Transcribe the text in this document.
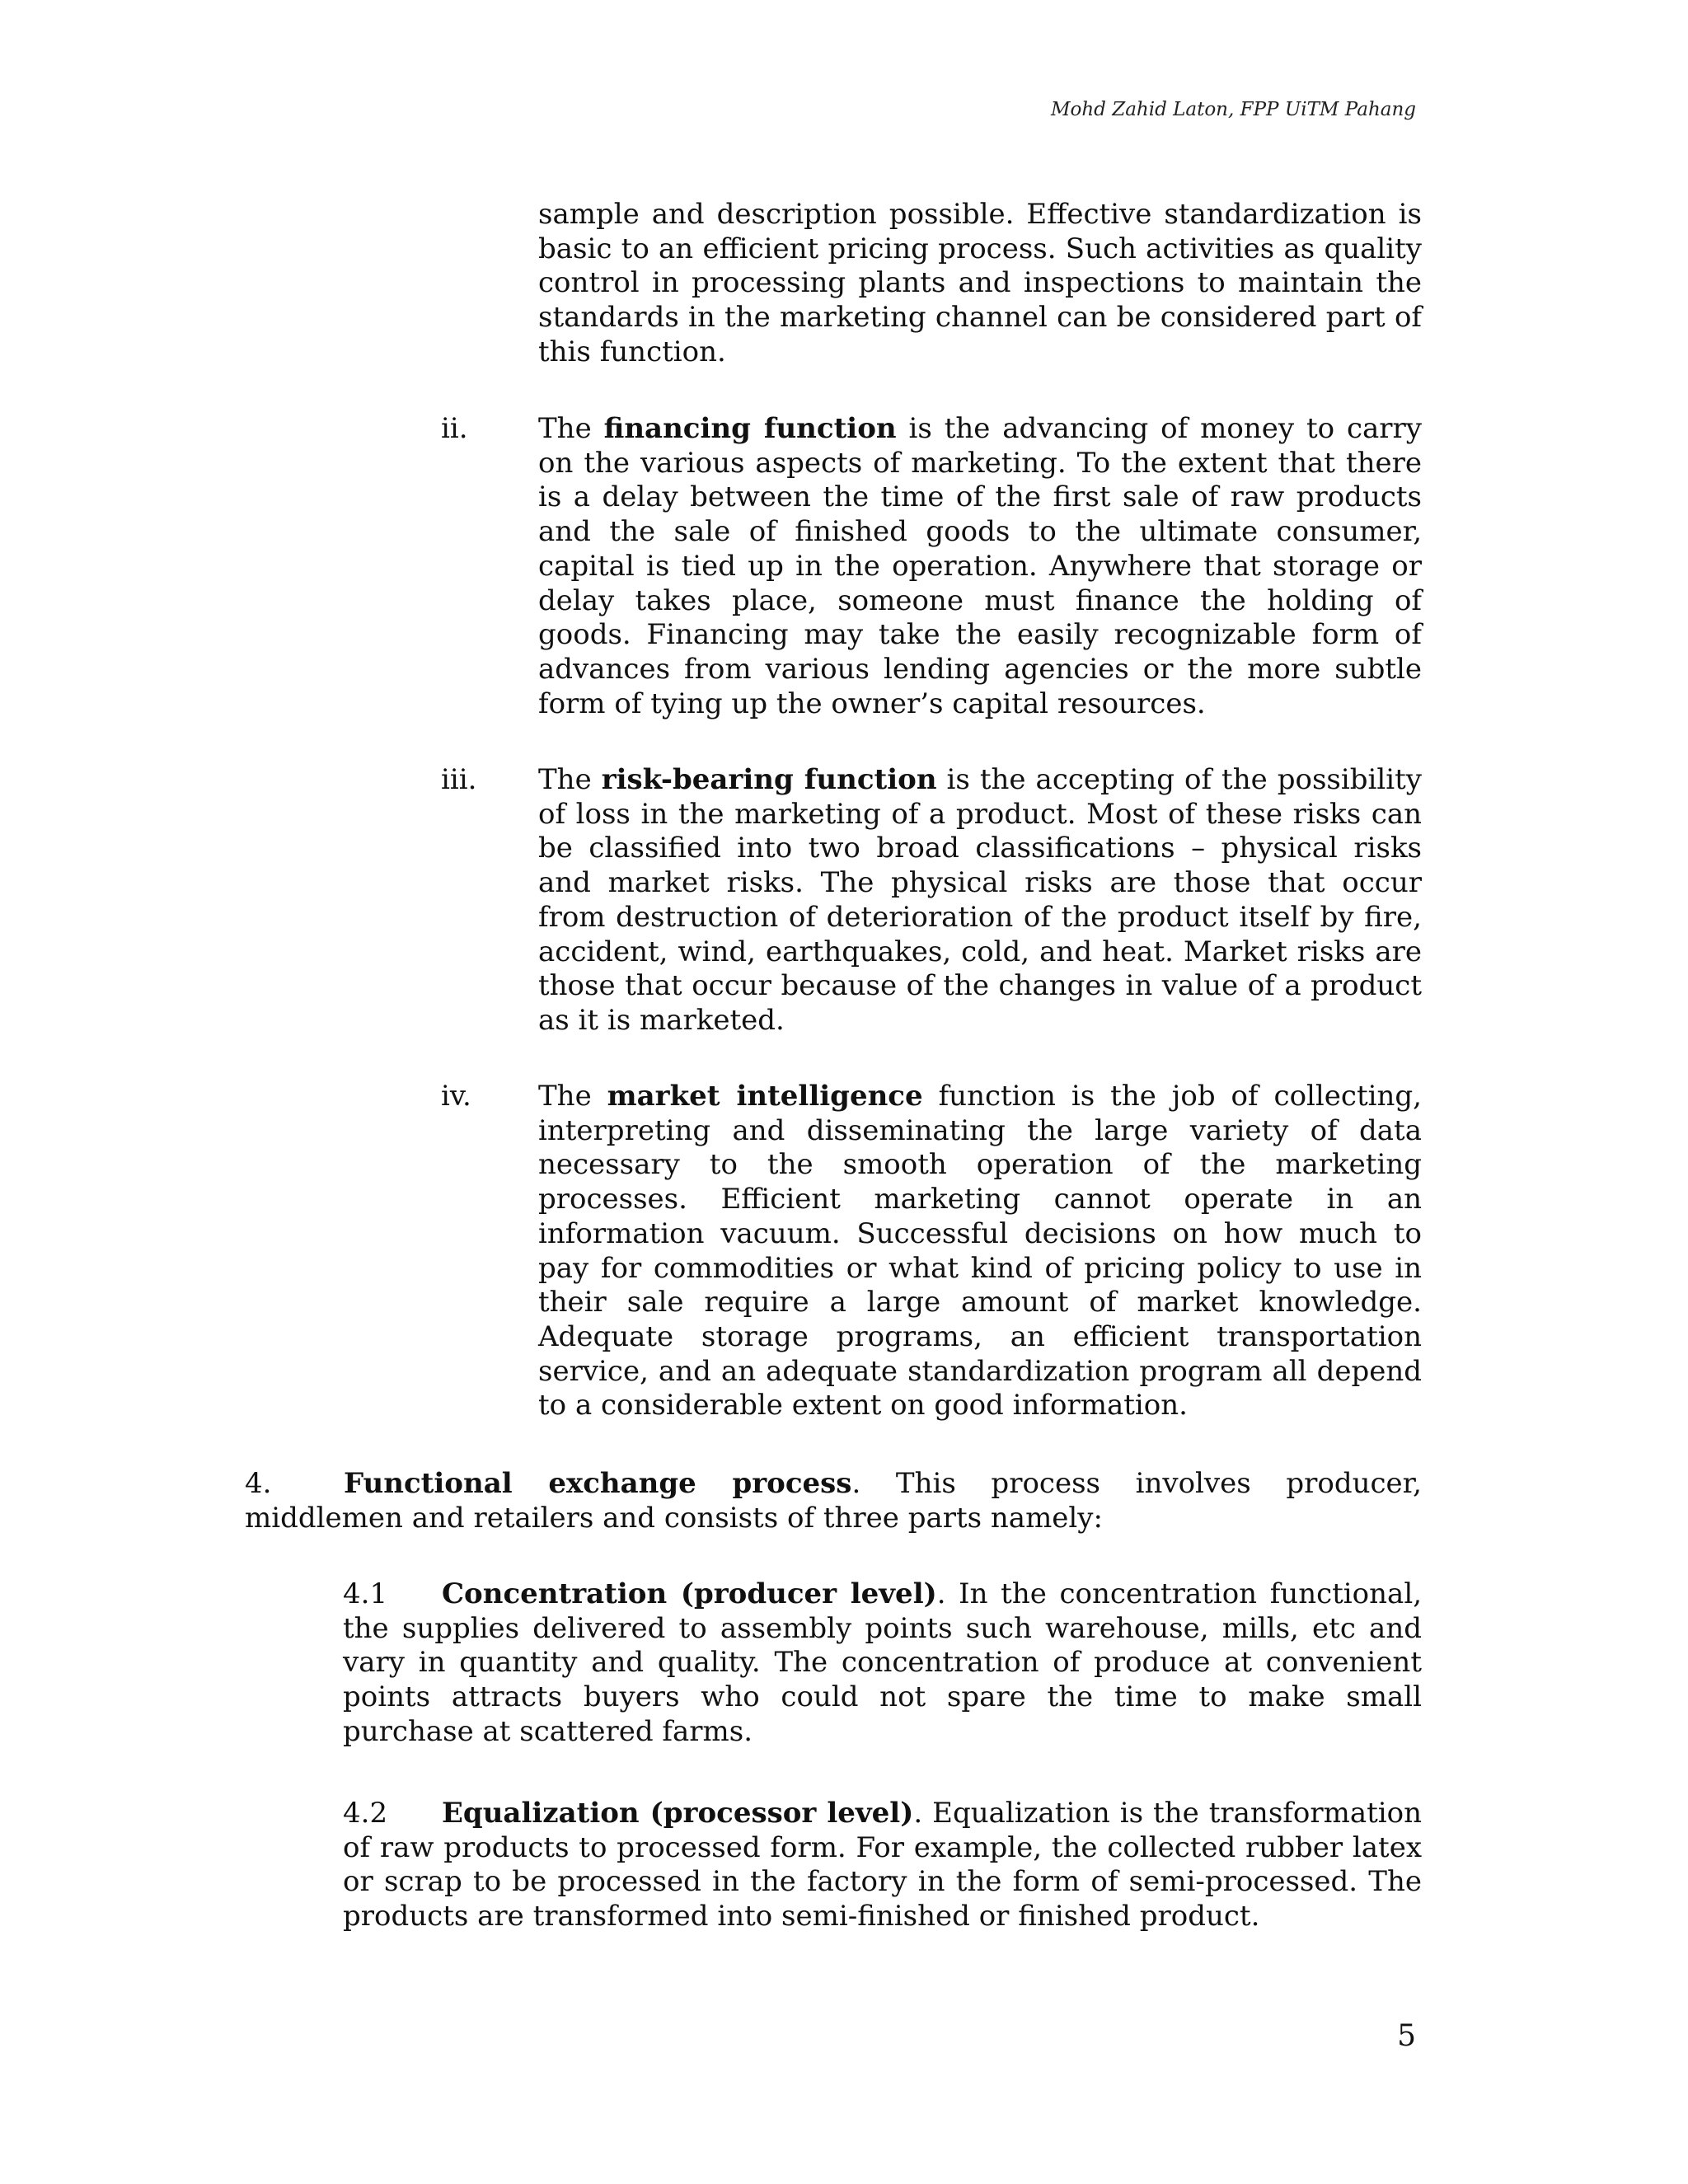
Mohd Zahid Laton, FPP UiTM Pahang
sample and description possible. Effective standardization is basic to an efficient pricing process. Such activities as quality control in processing plants and inspections to maintain the standards in the marketing channel can be considered part of this function.
ii.	The financing function is the advancing of money to carry on the various aspects of marketing. To the extent that there is a delay between the time of the first sale of raw products and the sale of finished goods to the ultimate consumer, capital is tied up in the operation. Anywhere that storage or delay takes place, someone must finance the holding of goods. Financing may take the easily recognizable form of advances from various lending agencies or the more subtle form of tying up the owner’s capital resources.
iii. The risk-bearing function is the accepting of the possibility of loss in the marketing of a product. Most of these risks can be classified into two broad classifications – physical risks and market risks. The physical risks are those that occur from destruction of deterioration of the product itself by fire, accident, wind, earthquakes, cold, and heat. Market risks are those that occur because of the changes in value of a product as it is marketed.
iv. The market intelligence function is the job of collecting, interpreting and disseminating the large variety of data necessary to the smooth operation of the marketing processes. Efficient marketing cannot operate in an information vacuum. Successful decisions on how much to pay for commodities or what kind of pricing policy to use in their sale require a large amount of market knowledge. Adequate storage programs, an efficient transportation service, and an adequate standardization program all depend to a considerable extent on good information.
Functional exchange process. This process involves producer, middlemen and retailers and consists of three parts namely:
4.
Concentration (producer level). In the concentration functional, the supplies delivered to assembly points such warehouse, mills, etc and vary in quantity and quality. The concentration of produce at convenient points attracts buyers who could not spare the time to make small purchase at scattered farms.
4.1
Equalization (processor level). Equalization is the transformation of raw products to processed form. For example, the collected rubber latex or scrap to be processed in the factory in the form of semi-processed. The products are transformed into semi-finished or finished product.
4.2
5
